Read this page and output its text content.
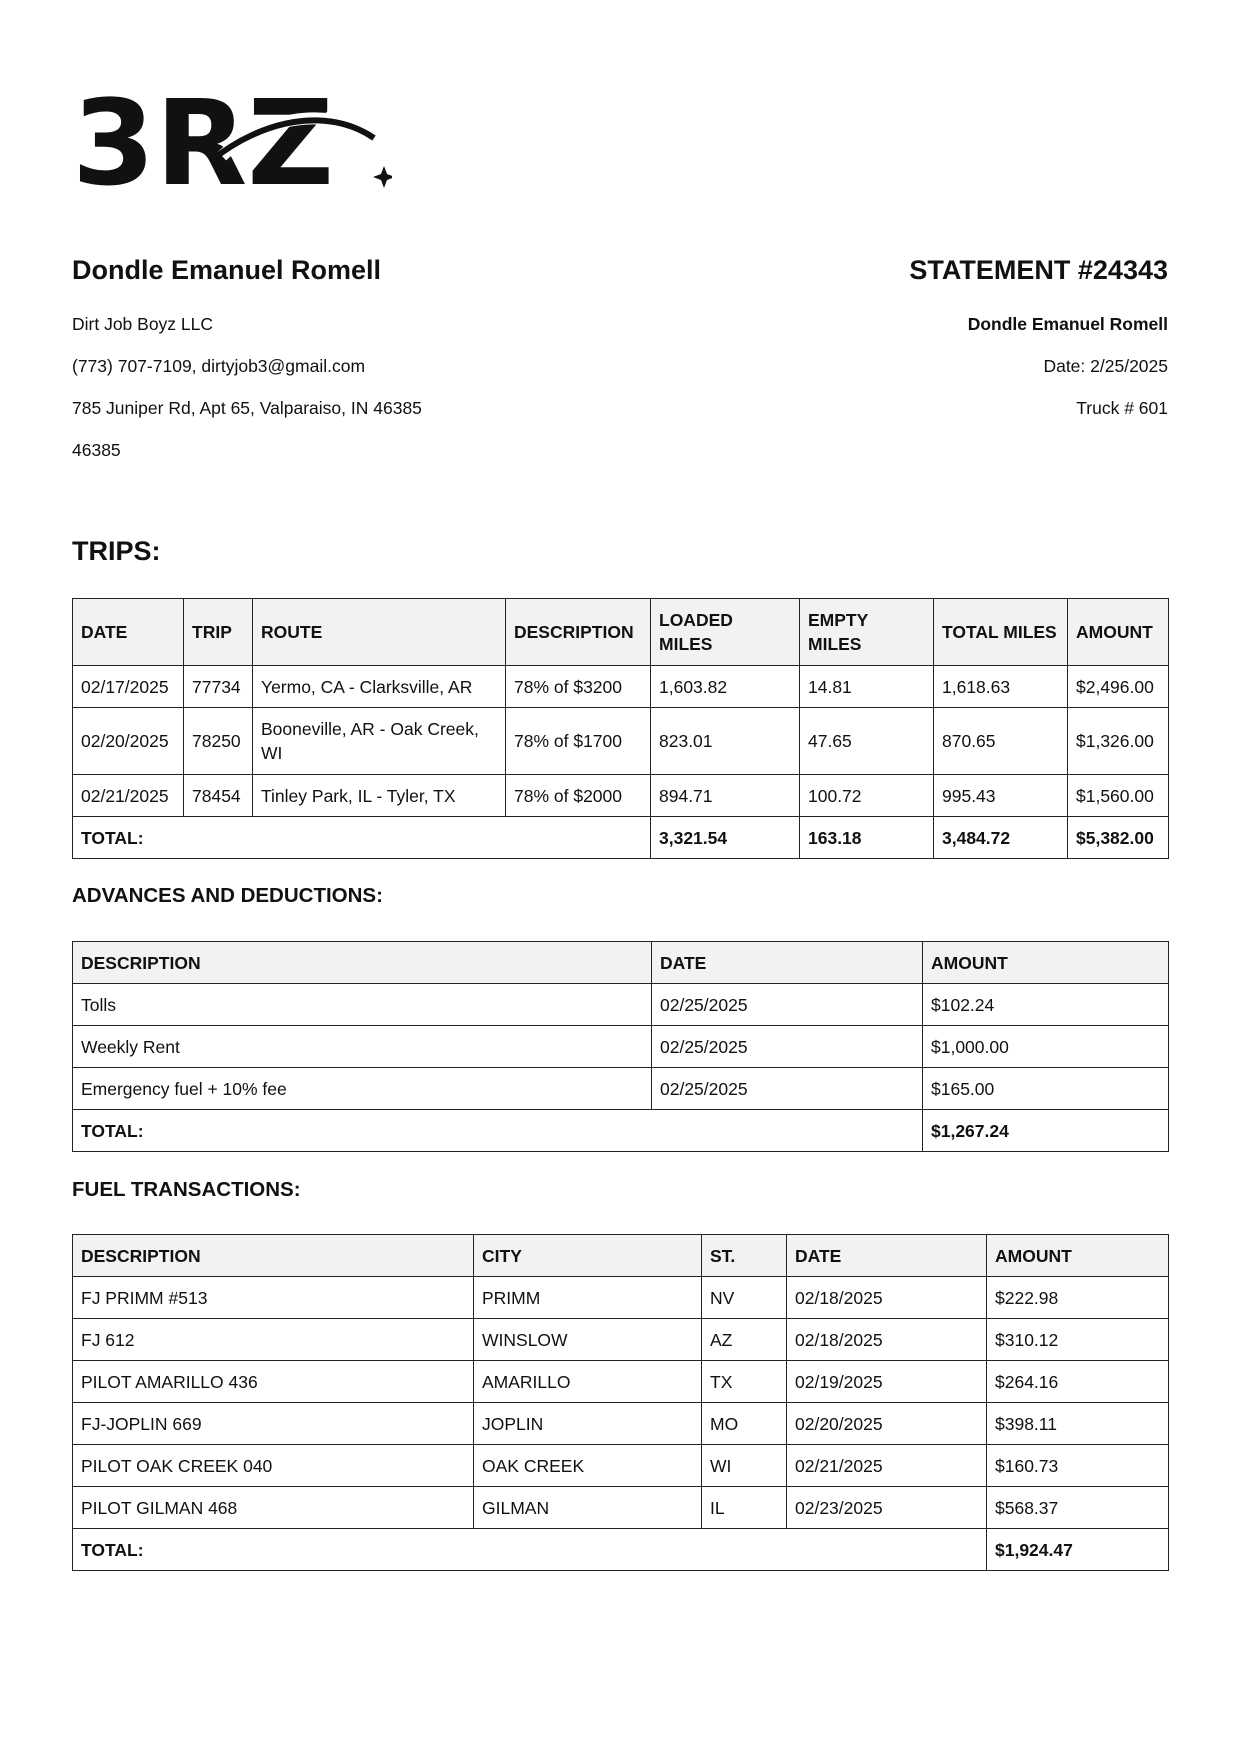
3RZ
Dondle Emanuel Romell
Dirt Job Boyz LLC
(773) 707-7109, dirtyjob3@gmail.com
785 Juniper Rd, Apt 65, Valparaiso, IN 46385
46385
STATEMENT #24343
Dondle Emanuel Romell
Date: 2/25/2025
Truck # 601
TRIPS:
DATE	TRIP	ROUTE	DESCRIPTION	LOADED MILES	EMPTY MILES	TOTAL MILES	AMOUNT
02/17/2025	77734	Yermo, CA - Clarksville, AR	78% of $3200	1,603.82	14.81	1,618.63	$2,496.00
02/20/2025	78250	Booneville, AR - Oak Creek, WI	78% of $1700	823.01	47.65	870.65	$1,326.00
02/21/2025	78454	Tinley Park, IL - Tyler, TX	78% of $2000	894.71	100.72	995.43	$1,560.00
TOTAL:				3,321.54	163.18	3,484.72	$5,382.00
ADVANCES AND DEDUCTIONS:
DESCRIPTION	DATE	AMOUNT
Tolls	02/25/2025	$102.24
Weekly Rent	02/25/2025	$1,000.00
Emergency fuel + 10% fee	02/25/2025	$165.00
TOTAL:		$1,267.24
FUEL TRANSACTIONS:
DESCRIPTION	CITY	ST.	DATE	AMOUNT
FJ PRIMM #513	PRIMM	NV	02/18/2025	$222.98
FJ 612	WINSLOW	AZ	02/18/2025	$310.12
PILOT AMARILLO 436	AMARILLO	TX	02/19/2025	$264.16
FJ-JOPLIN 669	JOPLIN	MO	02/20/2025	$398.11
PILOT OAK CREEK 040	OAK CREEK	WI	02/21/2025	$160.73
PILOT GILMAN 468	GILMAN	IL	02/23/2025	$568.37
TOTAL:				$1,924.47
